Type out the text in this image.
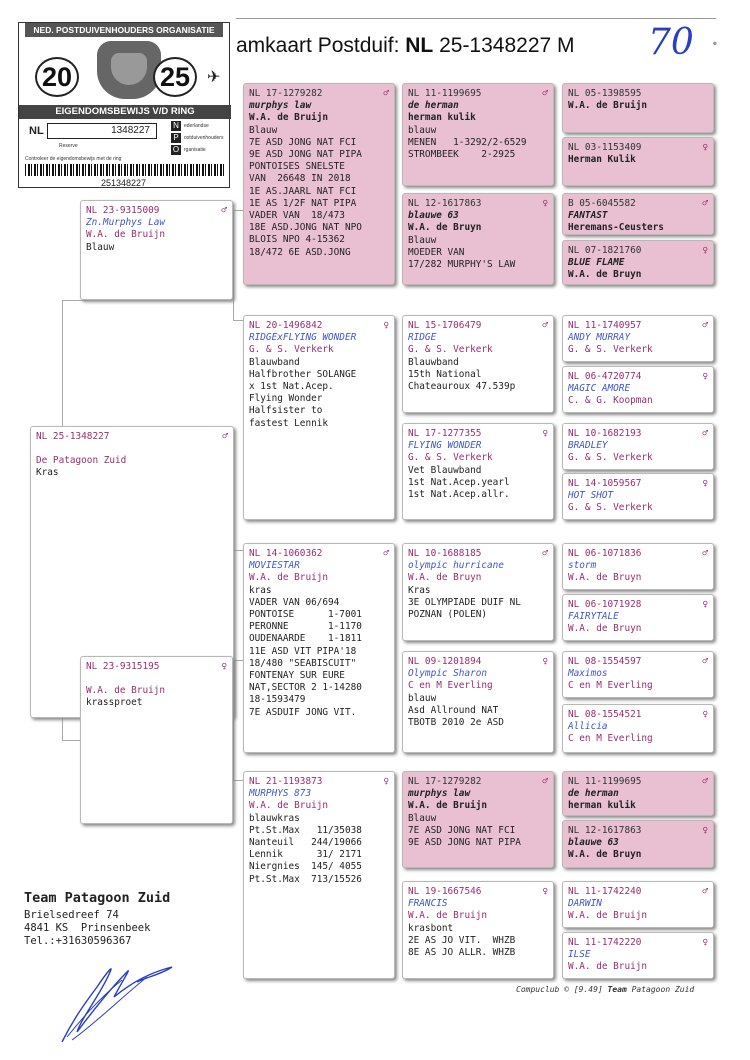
amkaart Postduif: NL 25-1348227 M 70	●
NED. POSTDUIVENHOUDERS ORGANISATIE
20	25	✈
EIGENDOMSBEWIJS V/D RING
NL	1348227	N	ederlandse
P	ostduivenhouders
O rganisatie
Reserve
Controleer de eigendomsbewijs met de ring
251348227
NL 25-1348227	♂
De Patagoon Zuid
Kras
NL 23-9315009	♂
Zn.Murphys Law
W.A. de Bruijn
Blauw
NL 23-9315195	♀
W.A. de Bruijn
krassproet
NL 17-1279282	♂
murphys law
W.A. de Bruijn
Blauw
7E ASD JONG NAT FCI
9E ASD JONG NAT PIPA
PONTOISES SNELSTE
VAN  26648 IN 2018
1E AS.JAARL NAT FCI
1E AS 1/2F NAT PIPA
VADER VAN  18/473
18E ASD.JONG NAT NPO
BLOIS NPO 4-15362
18/472 6E ASD.JONG
NL 20-1496842	♀
RIDGExFLYING WONDER
G. & S. Verkerk
Blauwband
Halfbrother SOLANGE
x 1st Nat.Acep.
Flying Wonder
Halfsister to
fastest Lennik
NL 14-1060362	♂
MOVIESTAR
W.A. de Bruijn
kras
VADER VAN 06/694
PONTOISE      1-7001
PERONNE       1-1170
OUDENAARDE    1-1811
11E ASD VIT PIPA'18
18/480 "SEABISCUIT"
FONTENAY SUR EURE
NAT,SECTOR 2 1-14280
18-1593479
7E ASDUIF JONG VIT.
NL 21-1193873	♀
MURPHYS 873
W.A. de Bruijn
blauwkras
Pt.St.Max   11/35038
Nanteuil   244/19066
Lennik      31/ 2171
Niergnies  145/ 4055
Pt.St.Max  713/15526
NL 11-1199695	♂
de herman
herman kulik
blauw
MENEN   1-3292/2-6529
STROMBEEK    2-2925
NL 12-1617863	♀
blauwe 63
W.A. de Bruyn
Blauw
MOEDER VAN
17/282 MURPHY'S LAW
NL 15-1706479	♂
RIDGE
G. & S. Verkerk
Blauwband
15th National
Chateauroux 47.539p
NL 17-1277355	♀
FLYING WONDER
G. & S. Verkerk
Vet Blauwband
1st Nat.Acep.yearl
1st Nat.Acep.allr.
NL 10-1688185	♂
olympic hurricane
W.A. de Bruyn
Kras
3E OLYMPIADE DUIF NL
POZNAN (POLEN)
NL 09-1201894	♀
Olympic Sharon
C en M Everling
blauw
Asd Allround NAT
TBOTB 2010 2e ASD
NL 17-1279282	♂
murphys law
W.A. de Bruijn
Blauw
7E ASD JONG NAT FCI
9E ASD JONG NAT PIPA
NL 19-1667546	♀
FRANCIS
W.A. de Bruijn
krasbont
2E AS JO VIT.  WHZB
8E AS JO ALLR. WHZB
NL 05-1398595
W.A. de Bruijn
NL 03-1153409	♀
Herman Kulik
B 05-6045582	♂
FANTAST
Heremans-Ceusters
NL 07-1821760	♀
BLUE FLAME
W.A. de Bruyn
NL 11-1740957	♂
ANDY MURRAY
G. & S. Verkerk
NL 06-4720774	♀
MAGIC AMORE
C. & G. Koopman
NL 10-1682193	♂
BRADLEY
G. & S. Verkerk
NL 14-1059567	♀
HOT SHOT
G. & S. Verkerk
NL 06-1071836	♂
storm
W.A. de Bruyn
NL 06-1071928	♀
FAIRYTALE
W.A. de Bruyn
NL 08-1554597	♂
Maximos
C en M Everling
NL 08-1554521	♀
Allicia
C en M Everling
NL 11-1199695	♂
de herman
herman kulik
NL 12-1617863	♀
blauwe 63
W.A. de Bruyn
NL 11-1742240	♂
DARWIN
W.A. de Bruijn
NL 11-1742220	♀
ILSE
W.A. de Bruijn
Team Patagoon Zuid
Brielsedreef 74
4841 KS  Prinsenbeek
Tel.:+31630596367
Compuclub © [9.49] Team Patagoon Zuid
